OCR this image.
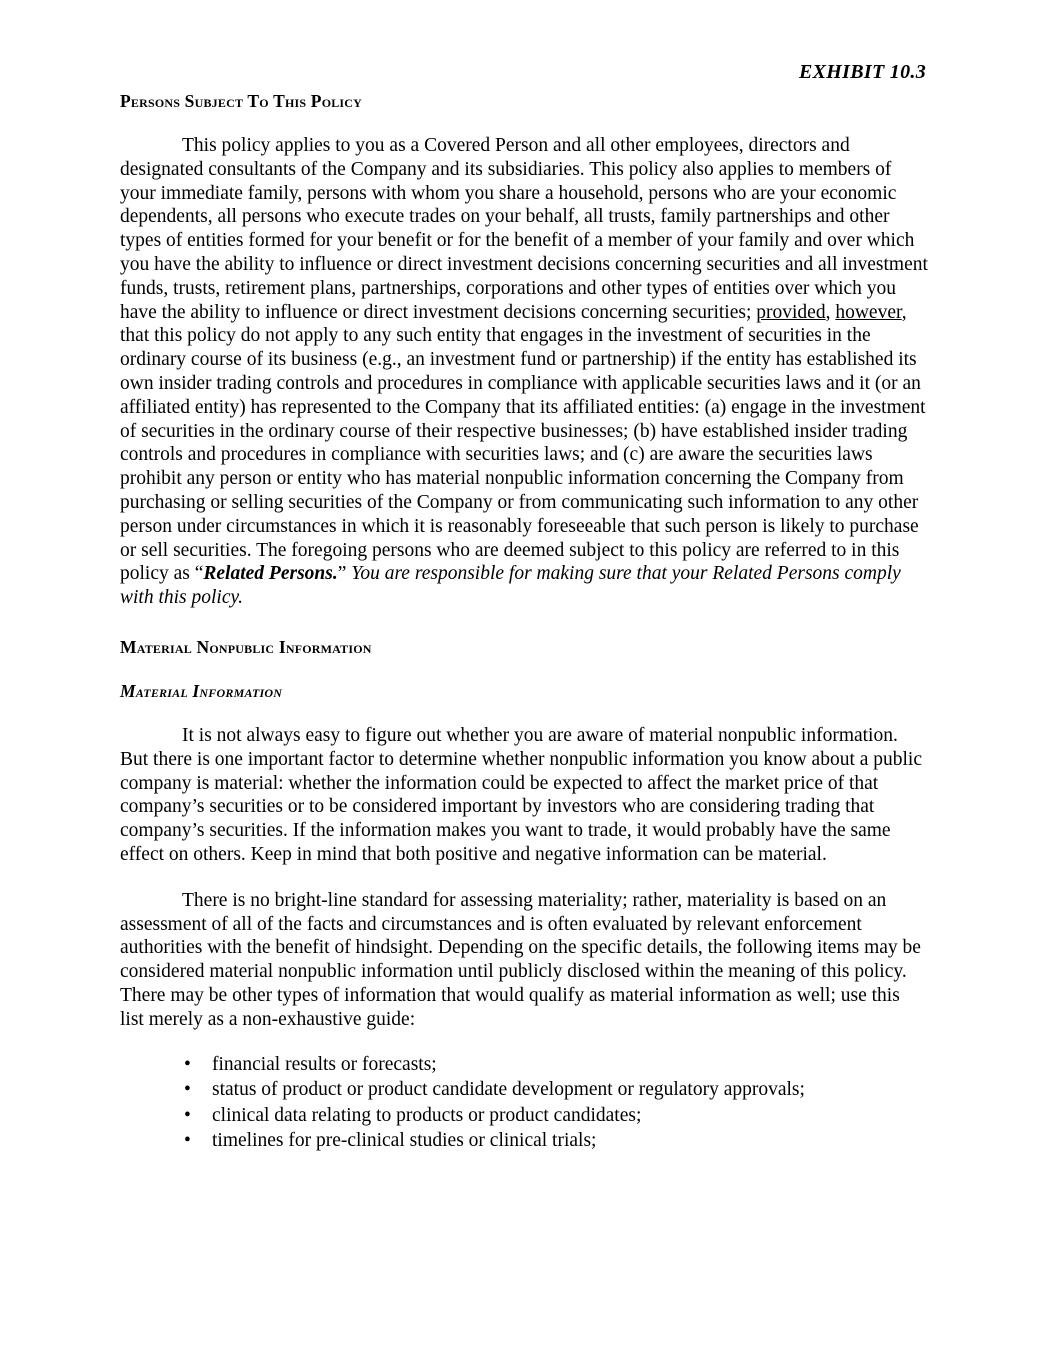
EXHIBIT 10.3
Persons Subject To This Policy

This policy applies to you as a Covered Person and all other employees, directors and designated consultants of the Company and its subsidiaries. This policy also applies to members of your immediate family, persons with whom you share a household, persons who are your economic dependents, all persons who execute trades on your behalf, all trusts, family partnerships and other types of entities formed for your benefit or for the benefit of a member of your family and over which you have the ability to influence or direct investment decisions concerning securities and all investment funds, trusts, retirement plans, partnerships, corporations and other types of entities over which you have the ability to influence or direct investment decisions concerning securities; provided, however, that this policy do not apply to any such entity that engages in the investment of securities in the ordinary course of its business (e.g., an investment fund or partnership) if the entity has established its own insider trading controls and procedures in compliance with applicable securities laws and it (or an affiliated entity) has represented to the Company that its affiliated entities: (a) engage in the investment of securities in the ordinary course of their respective businesses; (b) have established insider trading controls and procedures in compliance with securities laws; and (c) are aware the securities laws prohibit any person or entity who has material nonpublic information concerning the Company from purchasing or selling securities of the Company or from communicating such information to any other person under circumstances in which it is reasonably foreseeable that such person is likely to purchase or sell securities. The foregoing persons who are deemed subject to this policy are referred to in this policy as “Related Persons.” You are responsible for making sure that your Related Persons comply with this policy.

Material Nonpublic Information
Material Information

It is not always easy to figure out whether you are aware of material nonpublic information. But there is one important factor to determine whether nonpublic information you know about a public company is material: whether the information could be expected to affect the market price of that company’s securities or to be considered important by investors who are considering trading that company’s securities. If the information makes you want to trade, it would probably have the same effect on others. Keep in mind that both positive and negative information can be material.

There is no bright-line standard for assessing materiality; rather, materiality is based on an assessment of all of the facts and circumstances and is often evaluated by relevant enforcement authorities with the benefit of hindsight. Depending on the specific details, the following items may be considered material nonpublic information until publicly disclosed within the meaning of this policy. There may be other types of information that would qualify as material information as well; use this list merely as a non-exhaustive guide:

• financial results or forecasts;
• status of product or product candidate development or regulatory approvals;
• clinical data relating to products or product candidates;
• timelines for pre-clinical studies or clinical trials;
